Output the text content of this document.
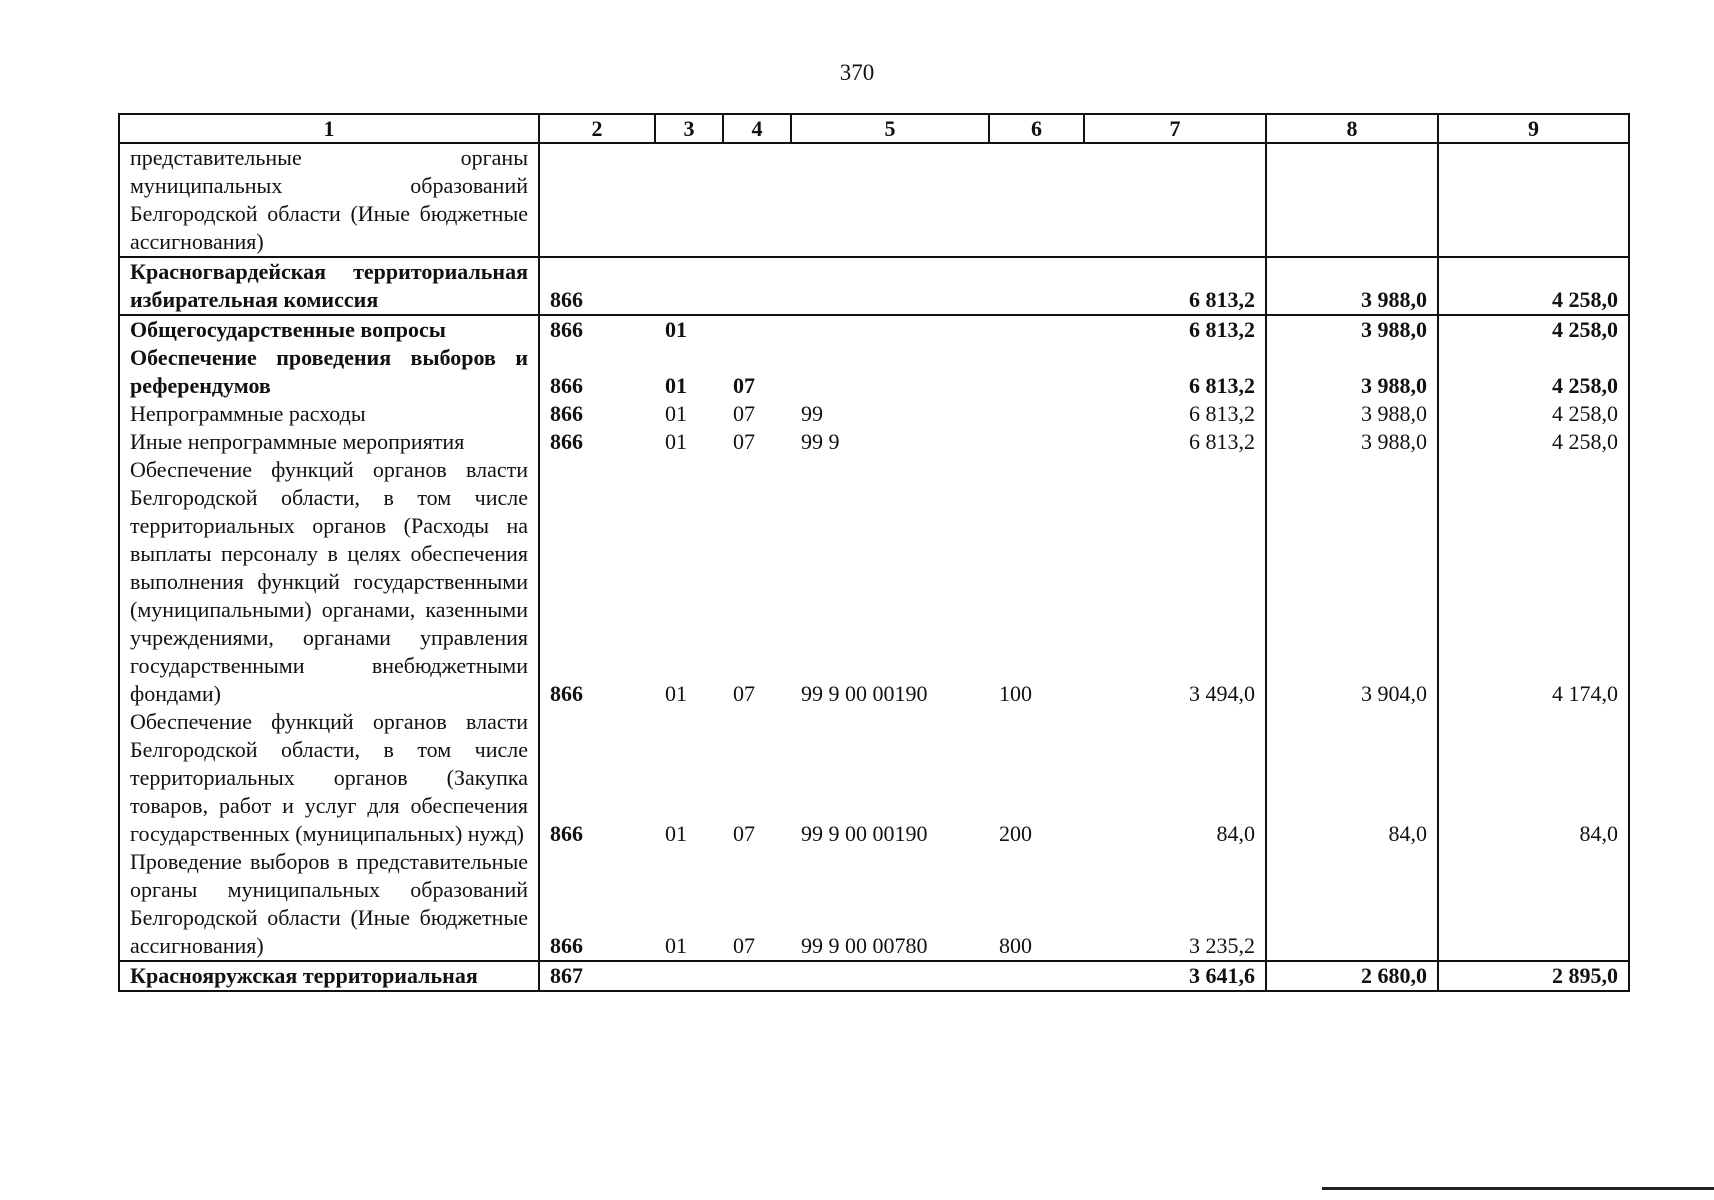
370
1	2	3	4	5	6	7	8	9
представительные органы муниципальных образований Белгородской области (Иные бюджетные ассигнования)								
Красногвардейская территориальная избирательная комиссия	866					6 813,2	3 988,0	4 258,0
Общегосударственные вопросы	866	01				6 813,2	3 988,0	4 258,0
Обеспечение проведения выборов и референдумов	866	01	07			6 813,2	3 988,0	4 258,0
Непрограммные расходы	866	01	07	99		6 813,2	3 988,0	4 258,0
Иные непрограммные мероприятия	866	01	07	99 9		6 813,2	3 988,0	4 258,0
Обеспечение функций органов власти Белгородской области, в том числе территориальных органов (Расходы на выплаты персоналу в целях обеспечения выполнения функций государственными (муниципальными) органами, казенными учреждениями, органами управления государственными внебюджетными фондами)	866	01	07	99 9 00 00190	100	3 494,0	3 904,0	4 174,0
Обеспечение функций органов власти Белгородской области, в том числе территориальных органов (Закупка товаров, работ и услуг для обеспечения государственных (муниципальных) нужд)	866	01	07	99 9 00 00190	200	84,0	84,0	84,0
Проведение выборов в представительные органы муниципальных образований Белгородской области (Иные бюджетные ассигнования)	866	01	07	99 9 00 00780	800	3 235,2		
Краснояружская территориальная	867					3 641,6	2 680,0	2 895,0
